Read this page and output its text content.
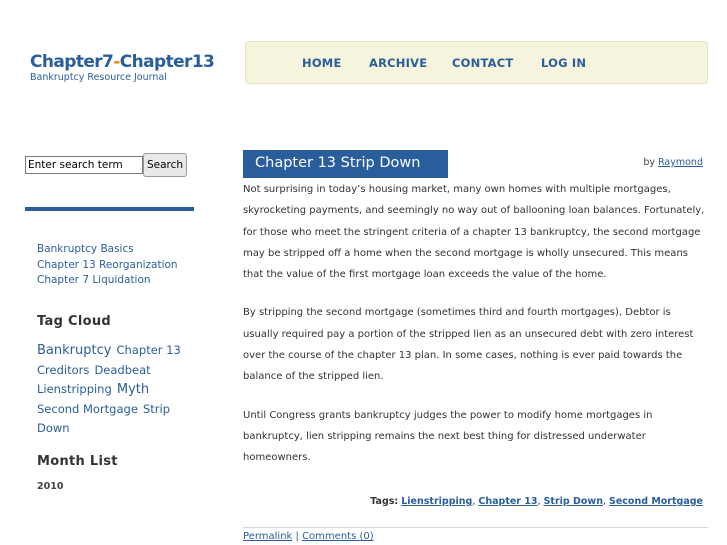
Chapter7-Chapter13
Bankruptcy Resource Journal
HOME ARCHIVE CONTACT LOG IN
Enter search term
Search
Bankruptcy Basics
Chapter 13 Reorganization
Chapter 7 Liquidation
Tag Cloud
Bankruptcy Chapter 13 Creditors Deadbeat Lienstripping Myth Second Mortgage Strip Down
Month List
2010
Chapter 13 Strip Down	by Raymond

Not surprising in today’s housing market, many own homes with multiple mortgages, skyrocketing payments, and seemingly no way out of ballooning loan balances. Fortunately, for those who meet the stringent criteria of a chapter 13 bankruptcy, the second mortgage may be stripped off a home when the second mortgage is wholly unsecured. This means that the value of the first mortgage loan exceeds the value of the home.

By stripping the second mortgage (sometimes third and fourth mortgages), Debtor is usually required pay a portion of the stripped lien as an unsecured debt with zero interest over the course of the chapter 13 plan. In some cases, nothing is ever paid towards the balance of the stripped lien.

Until Congress grants bankruptcy judges the power to modify home mortgages in bankruptcy, lien stripping remains the next best thing for distressed underwater homeowners.

Tags: Lienstripping, Chapter 13, Strip Down, Second Mortgage
Permalink | Comments (0)
